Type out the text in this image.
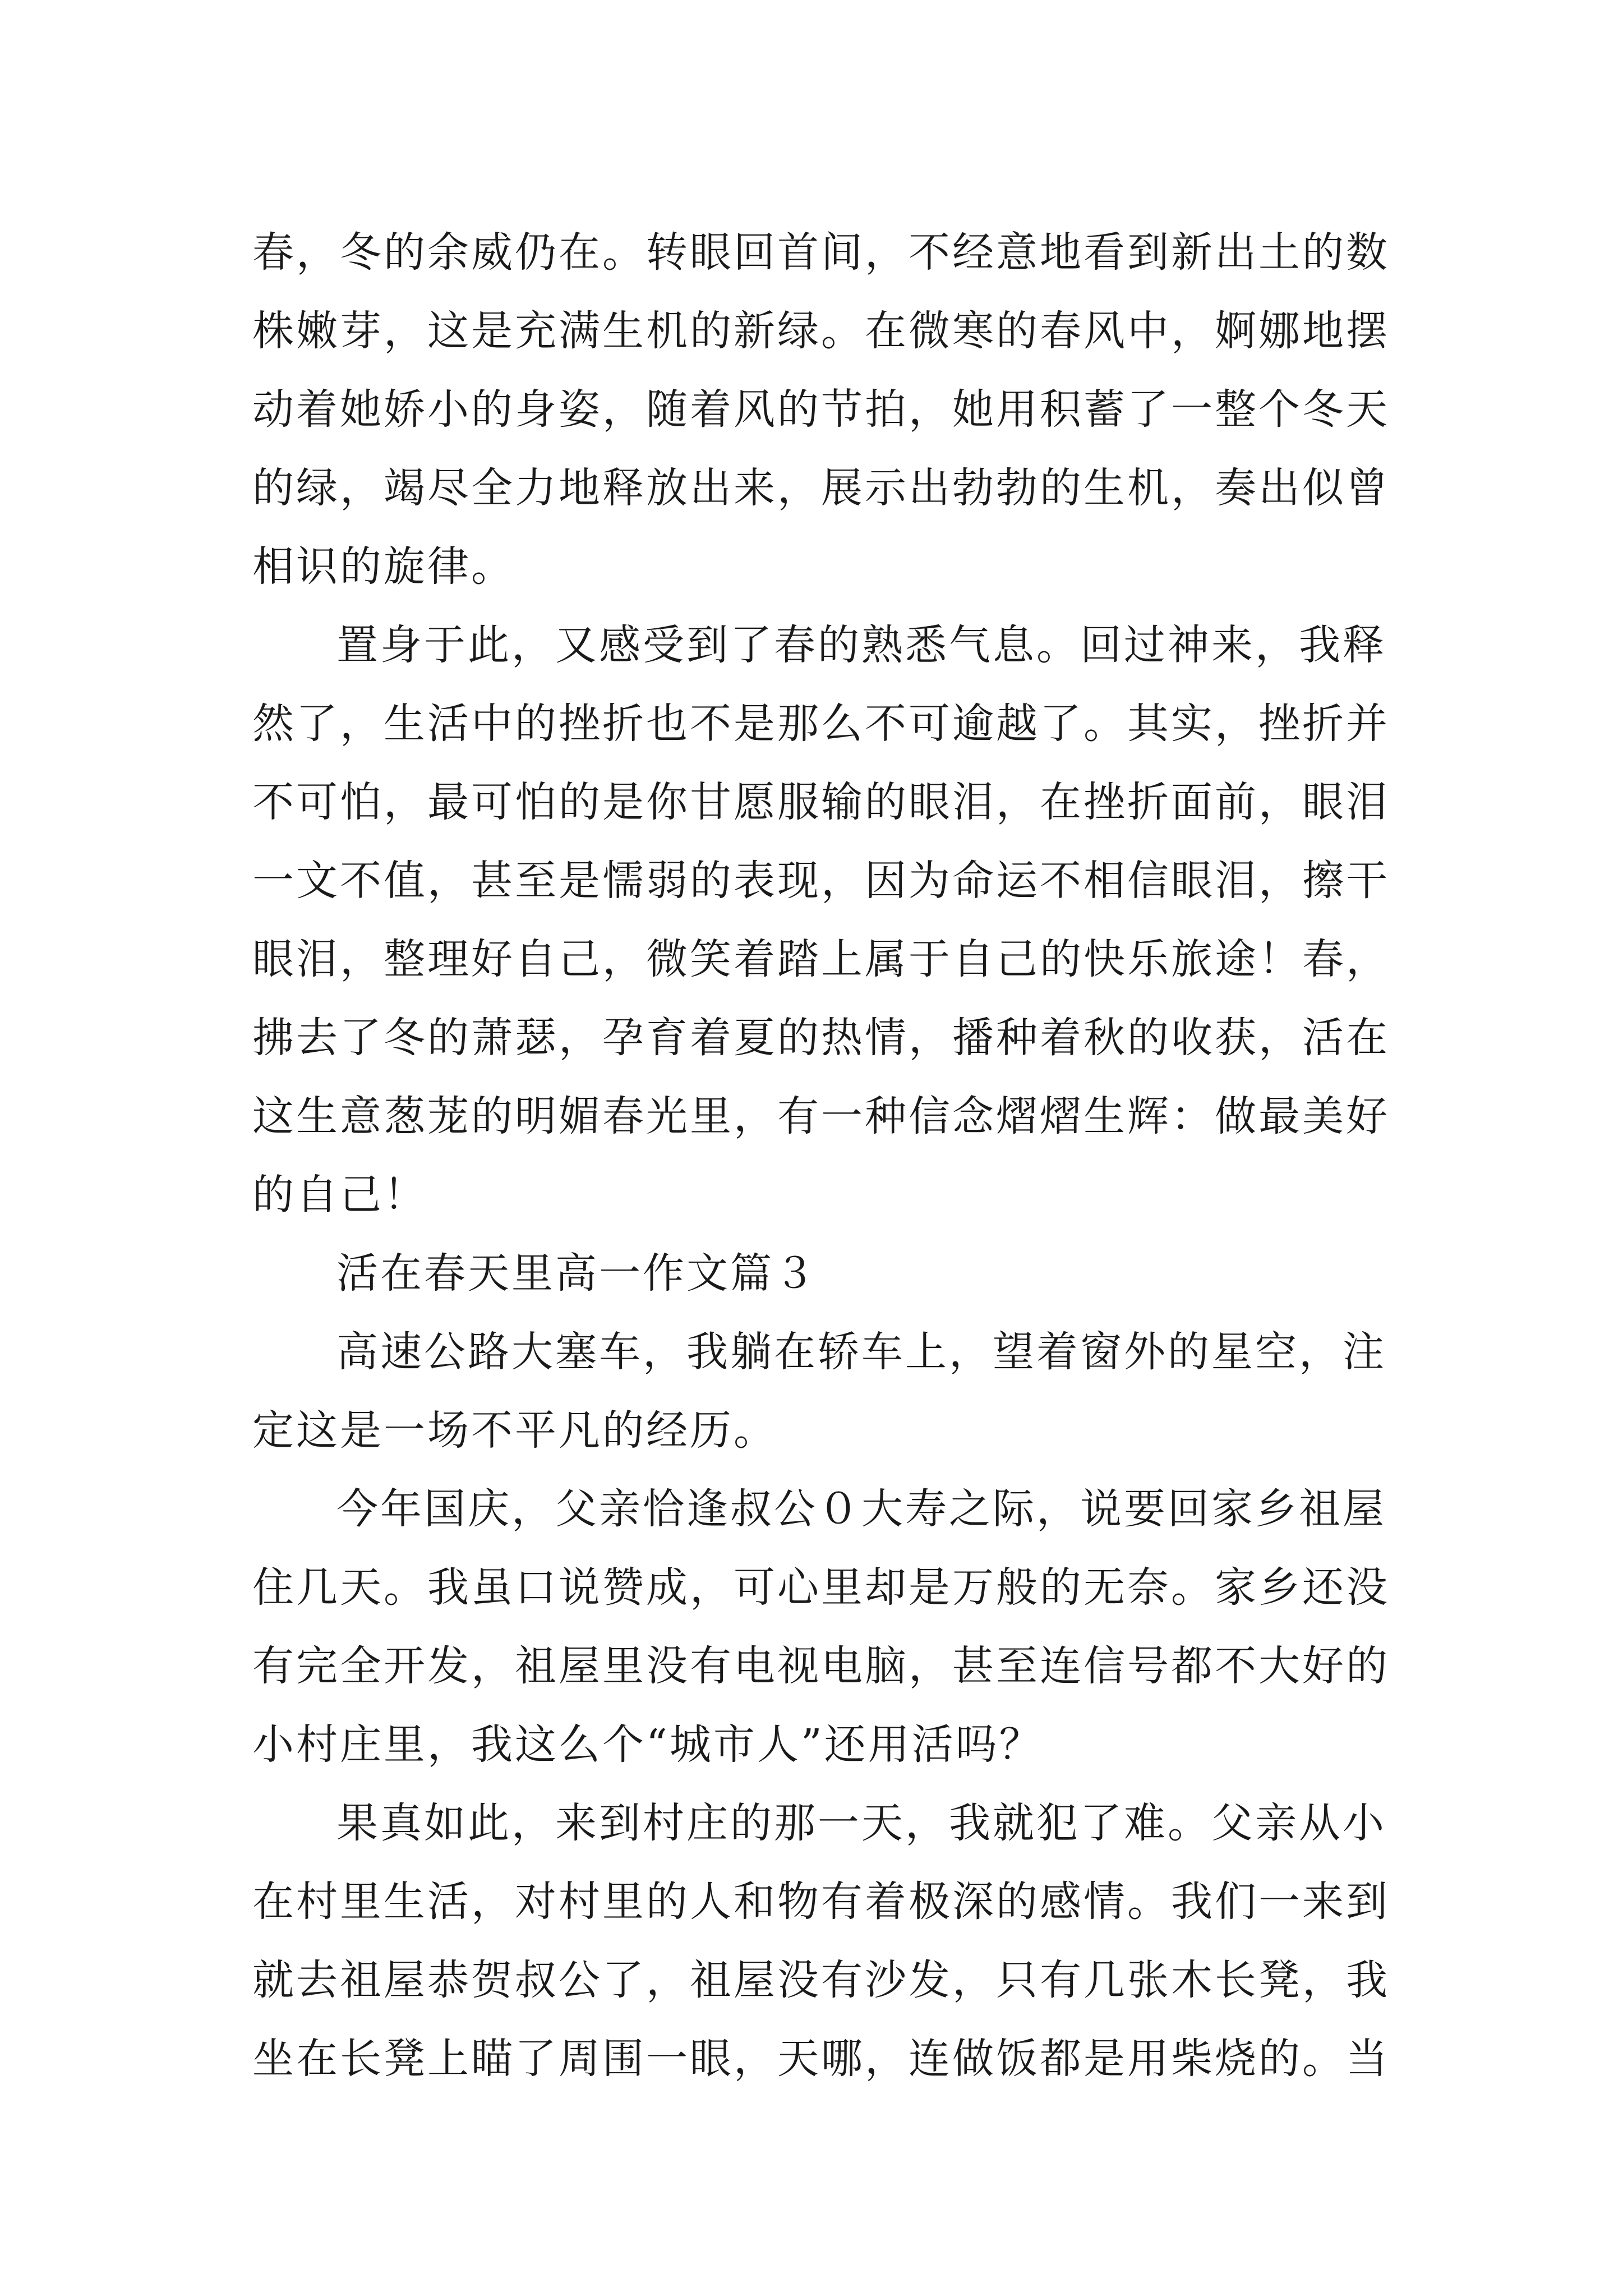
春，冬的余威仍在。转眼回首间，不经意地看到新出土的数
株嫩芽，这是充满生机的新绿。在微寒的春风中，婀娜地摆
动着她娇小的身姿，随着风的节拍，她用积蓄了一整个冬天
的绿，竭尽全力地释放出来，展示出勃勃的生机，奏出似曾
相识的旋律。
置身于此，又感受到了春的熟悉气息。回过神来，我释
然了，生活中的挫折也不是那么不可逾越了。其实，挫折并
不可怕，最可怕的是你甘愿服输的眼泪，在挫折面前，眼泪
一文不值，甚至是懦弱的表现，因为命运不相信眼泪，擦干
眼泪，整理好自己，微笑着踏上属于自己的快乐旅途！春，
拂去了冬的萧瑟，孕育着夏的热情，播种着秋的收获，活在
这生意葱茏的明媚春光里，有一种信念熠熠生辉：做最美好
的自己！
活在春天里高一作文篇３
高速公路大塞车，我躺在轿车上，望着窗外的星空，注
定这是一场不平凡的经历。
今年国庆，父亲恰逢叔公０大寿之际，说要回家乡祖屋
住几天。我虽口说赞成，可心里却是万般的无奈。家乡还没
有完全开发，祖屋里没有电视电脑，甚至连信号都不大好的
小村庄里，我这么个“城市人”还用活吗？
果真如此，来到村庄的那一天，我就犯了难。父亲从小
在村里生活，对村里的人和物有着极深的感情。我们一来到
就去祖屋恭贺叔公了，祖屋没有沙发，只有几张木长凳，我
坐在长凳上瞄了周围一眼，天哪，连做饭都是用柴烧的。当
